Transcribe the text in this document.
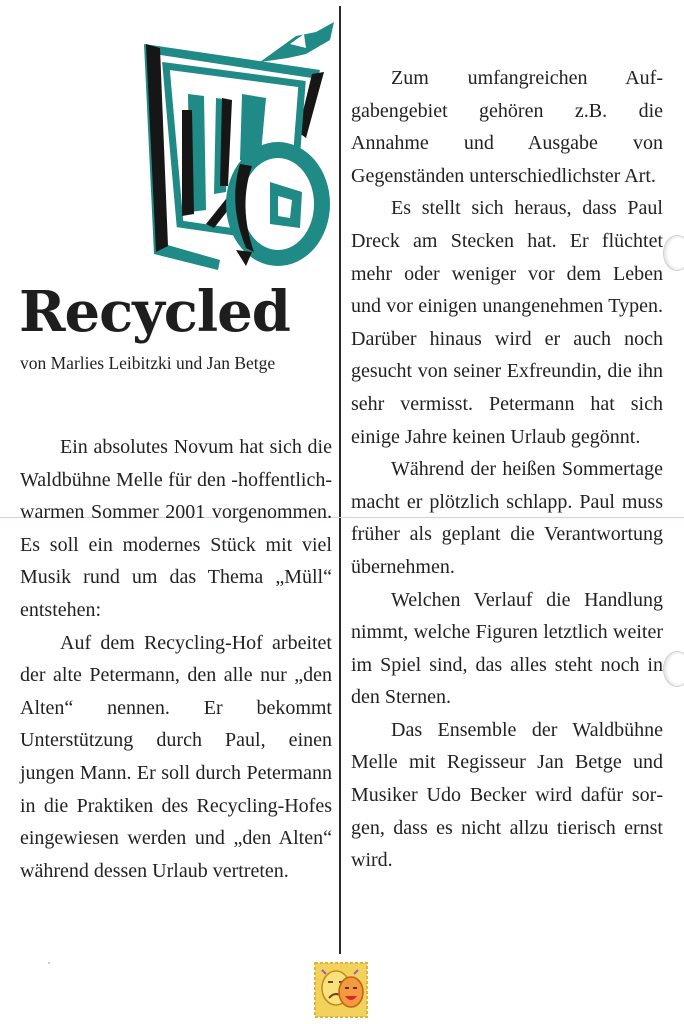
Recycled
von Marlies Leibitzki und Jan Betge

Ein absolutes Novum hat sich die Waldbühne Melle für den -hoffentlich- warmen Sommer 2001 vorgenommen. Es soll ein modernes Stück mit viel Musik rund um das Thema „Müll“ entstehen:

Auf dem Recycling-Hof arbeitet der alte Petermann, den alle nur „den Alten“ nennen. Er bekommt Unterstützung durch Paul, einen jungen Mann. Er soll durch Petermann in die Praktiken des Recycling-Hofes eingewiesen werden und „den Alten“ während dessen Urlaub vertreten.

Zum umfangreichen Aufgabengebiet gehören z.B. die Annahme und Ausgabe von Gegenständen unterschiedlichster Art.

Es stellt sich heraus, dass Paul Dreck am Stecken hat. Er flüchtet mehr oder weniger vor dem Leben und vor einigen unangenehmen Typen. Darüber hinaus wird er auch noch gesucht von seiner Exfreundin, die ihn sehr vermisst. Petermann hat sich einige Jahre keinen Urlaub gegönnt.

Während der heißen Sommertage macht er plötzlich schlapp. Paul muss früher als geplant die Verantwortung übernehmen.

Welchen Verlauf die Handlung nimmt, welche Figuren letztlich weiter im Spiel sind, das alles steht noch in den Sternen.

Das Ensemble der Waldbühne Melle mit Regisseur Jan Betge und Musiker Udo Becker wird dafür sorgen, dass es nicht allzu tierisch ernst wird.
